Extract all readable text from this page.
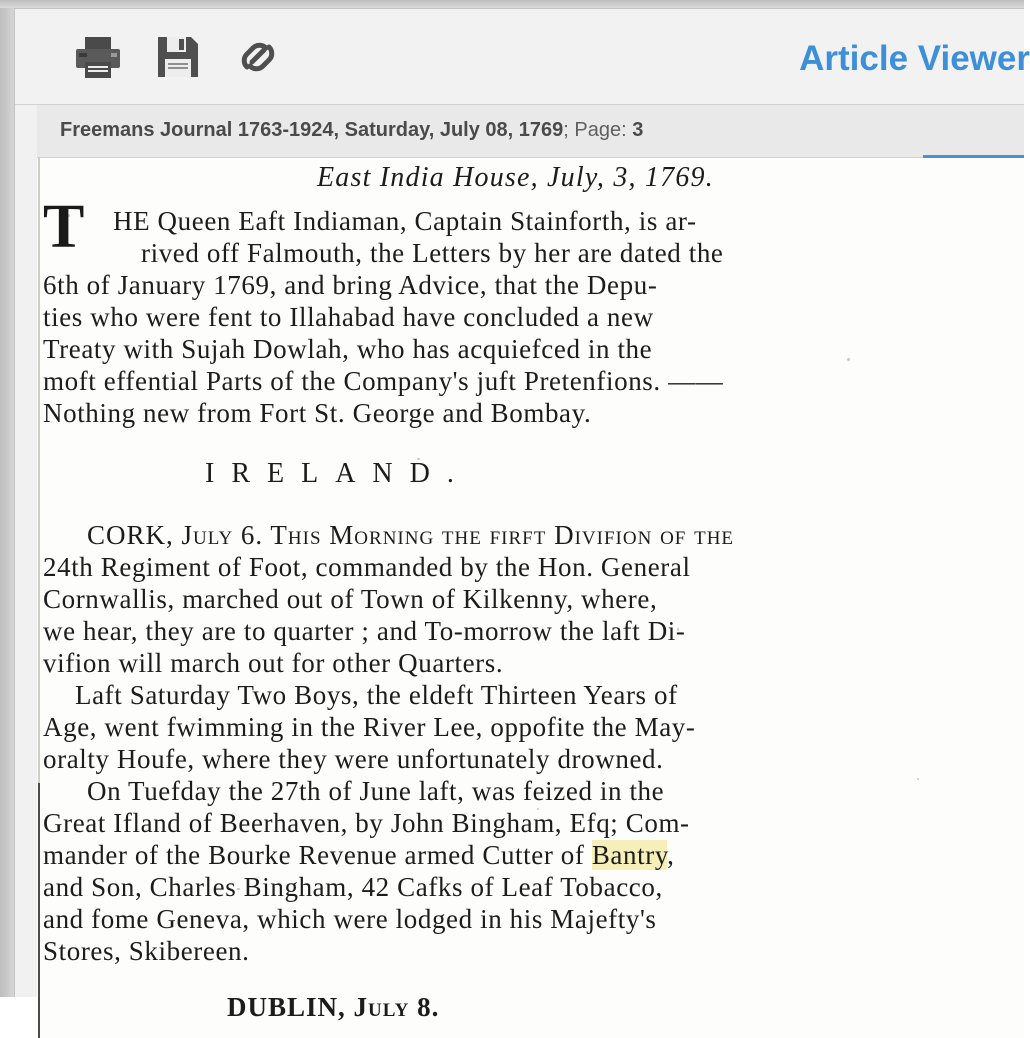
Article Viewer
Freemans Journal 1763-1924, Saturday, July 08, 1769; Page: 3
East India House, July, 3, 1769.
T HE Queen Eaft Indiaman, Captain Stainforth, is ar-
rived off Falmouth, the Letters by her are dated the
6th of January 1769, and bring Advice, that the Depu-
ties who were fent to Illahabad have concluded a new
Treaty with Sujah Dowlah, who has acquiefced in the
moft effential Parts of the Company's juft Pretenfions. ——
Nothing new from Fort St. George and Bombay.
IRELAND.
CORK, July 6. This Morning the firft Divifion of the
24th Regiment of Foot, commanded by the Hon. General
Cornwallis, marched out of Town of Kilkenny, where,
we hear, they are to quarter ; and To-morrow the laft Di-
vifion will march out for other Quarters.
Laft Saturday Two Boys, the eldeft Thirteen Years of
Age, went fwimming in the River Lee, oppofite the May-
oralty Houfe, where they were unfortunately drowned.
On Tuefday the 27th of June laft, was feized in the
Great Ifland of Beerhaven, by John Bingham, Efq; Com-
mander of the Bourke Revenue armed Cutter of Bantry,
and Son, Charles Bingham, 42 Cafks of Leaf Tobacco,
and fome Geneva, which were lodged in his Majefty's
Stores, Skibereen.
DUBLIN, July 8.
